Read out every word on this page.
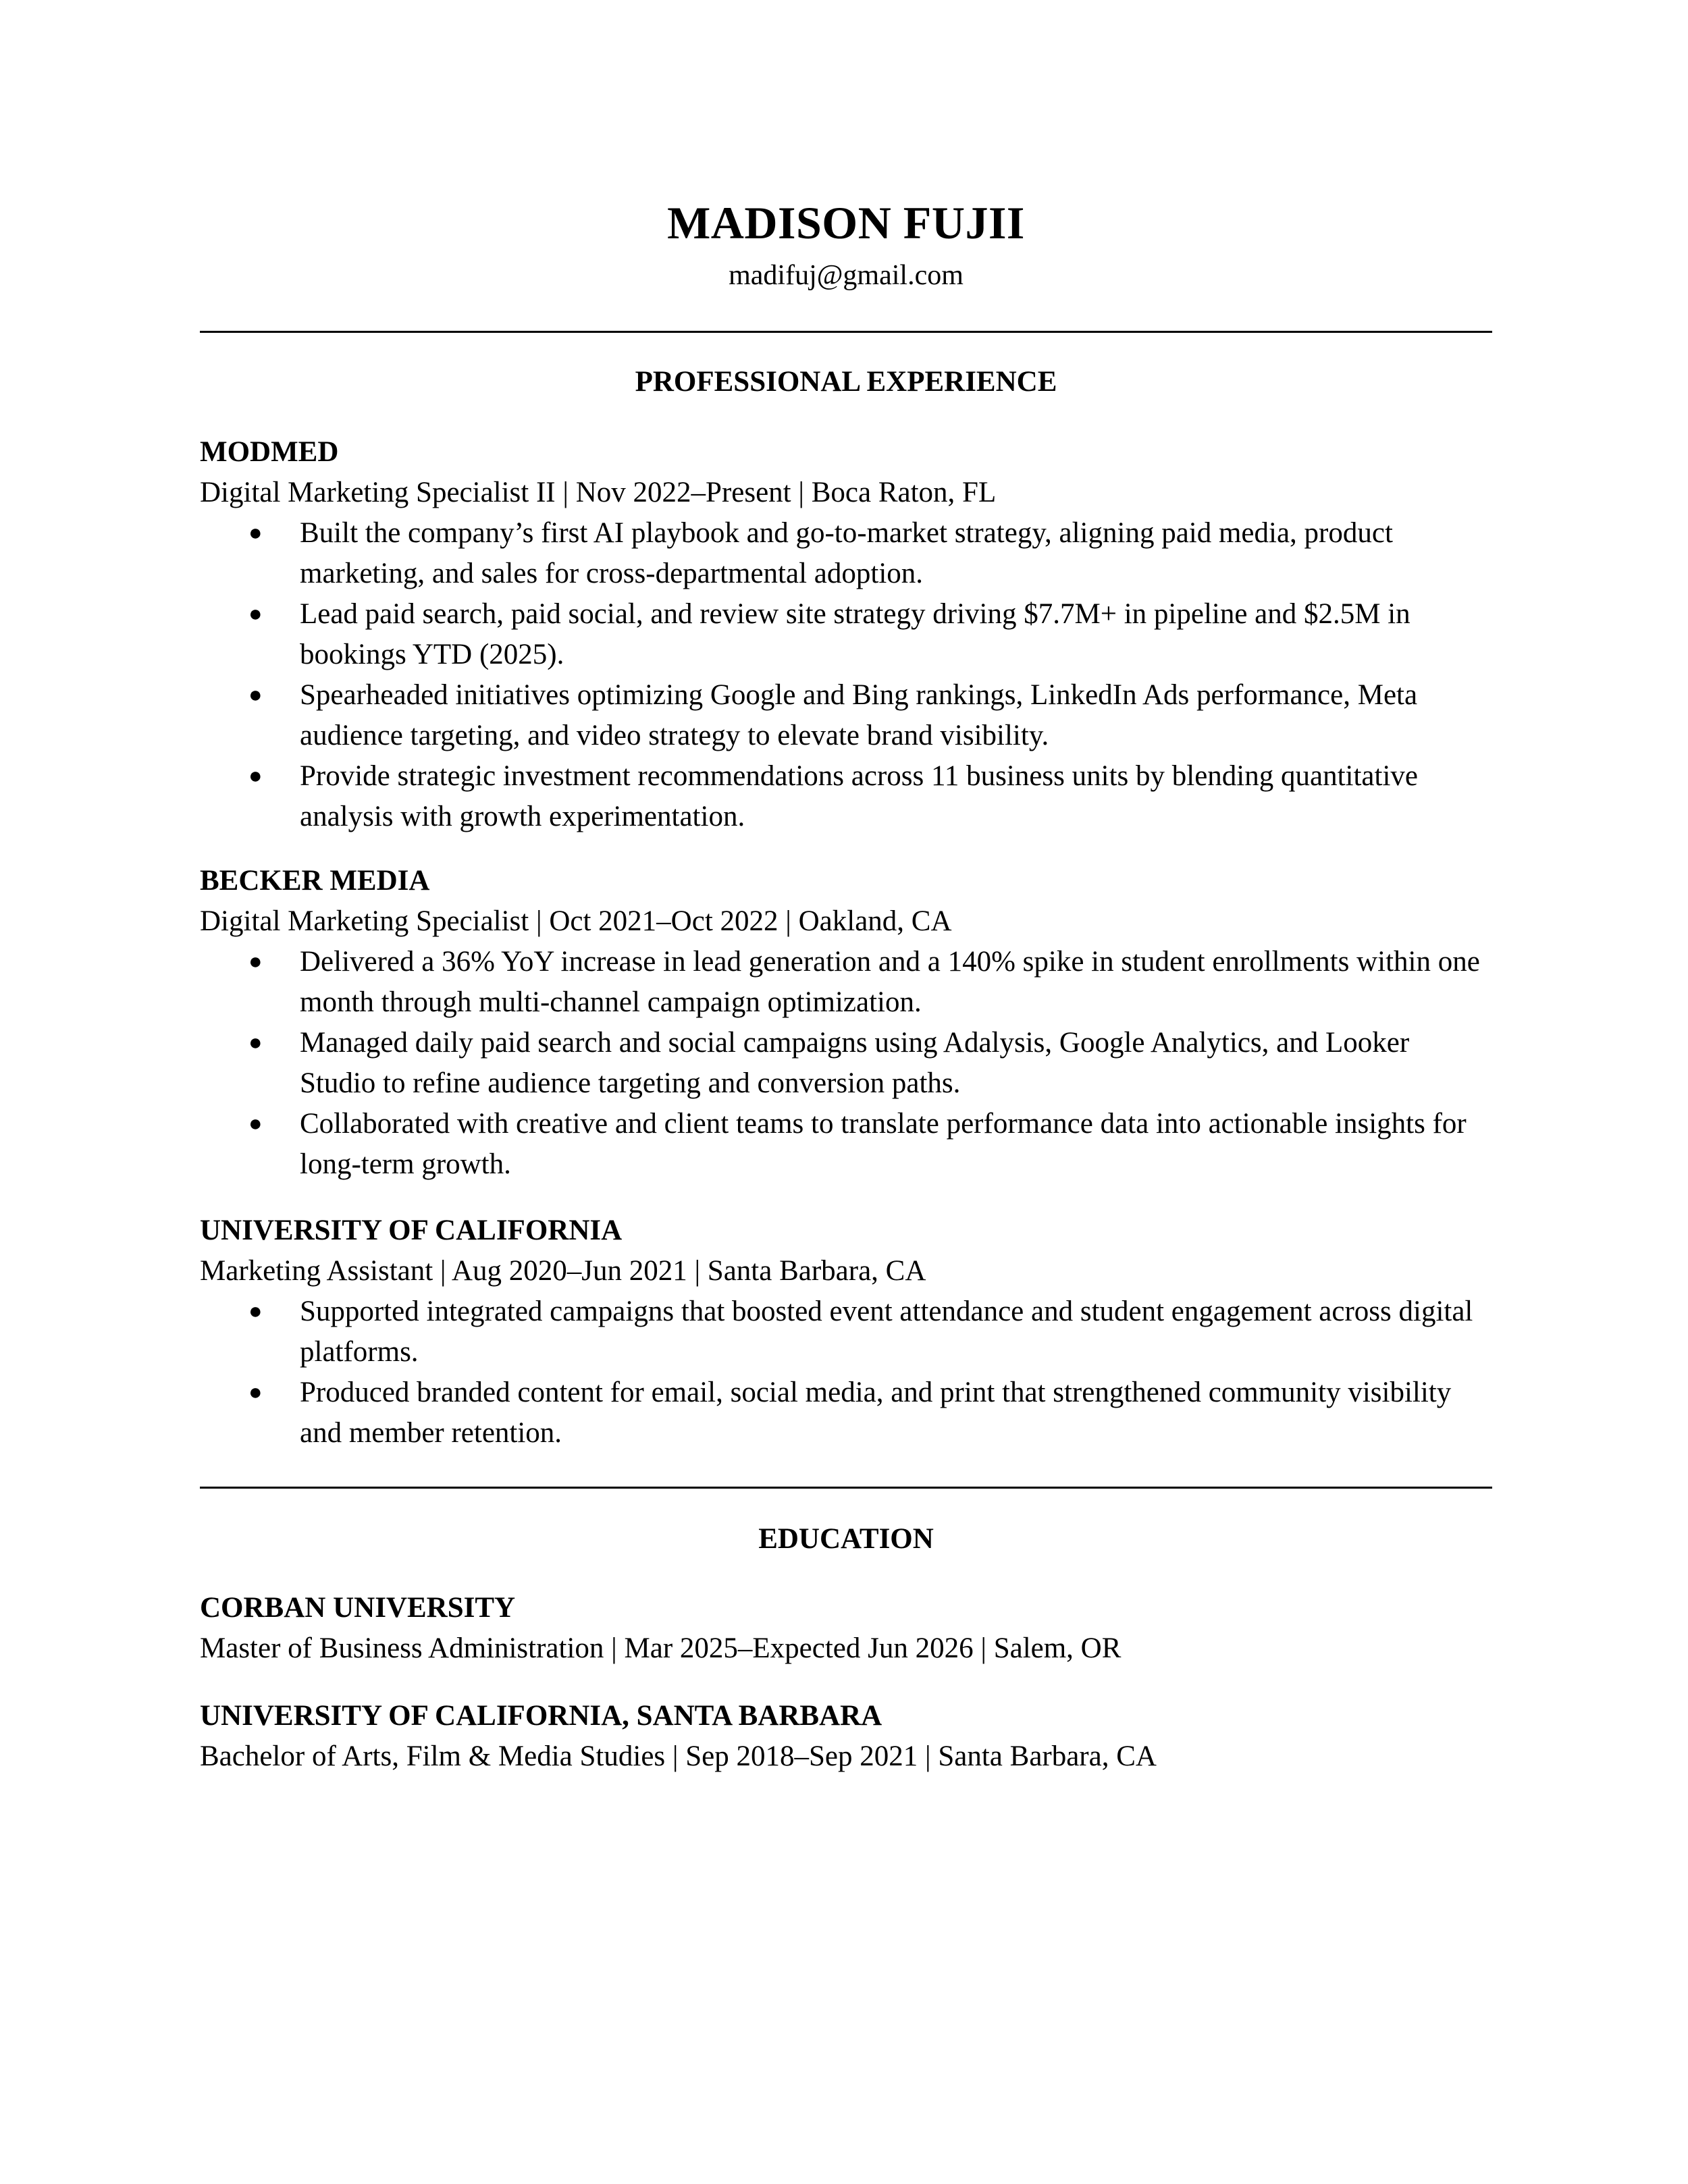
MADISON FUJII
madifuj@gmail.com
PROFESSIONAL EXPERIENCE
MODMED
Digital Marketing Specialist II | Nov 2022–Present | Boca Raton, FL
● Built the company’s first AI playbook and go-to-market strategy, aligning paid media, product marketing, and sales for cross-departmental adoption.
● Lead paid search, paid social, and review site strategy driving $7.7M+ in pipeline and $2.5M in bookings YTD (2025).
● Spearheaded initiatives optimizing Google and Bing rankings, LinkedIn Ads performance, Meta audience targeting, and video strategy to elevate brand visibility.
● Provide strategic investment recommendations across 11 business units by blending quantitative analysis with growth experimentation.
BECKER MEDIA
Digital Marketing Specialist | Oct 2021–Oct 2022 | Oakland, CA
● Delivered a 36% YoY increase in lead generation and a 140% spike in student enrollments within one month through multi-channel campaign optimization.
● Managed daily paid search and social campaigns using Adalysis, Google Analytics, and Looker Studio to refine audience targeting and conversion paths.
● Collaborated with creative and client teams to translate performance data into actionable insights for long-term growth.
UNIVERSITY OF CALIFORNIA
Marketing Assistant | Aug 2020–Jun 2021 | Santa Barbara, CA
● Supported integrated campaigns that boosted event attendance and student engagement across digital platforms.
● Produced branded content for email, social media, and print that strengthened community visibility and member retention.
EDUCATION
CORBAN UNIVERSITY
Master of Business Administration | Mar 2025–Expected Jun 2026 | Salem, OR
UNIVERSITY OF CALIFORNIA, SANTA BARBARA
Bachelor of Arts, Film & Media Studies | Sep 2018–Sep 2021 | Santa Barbara, CA
